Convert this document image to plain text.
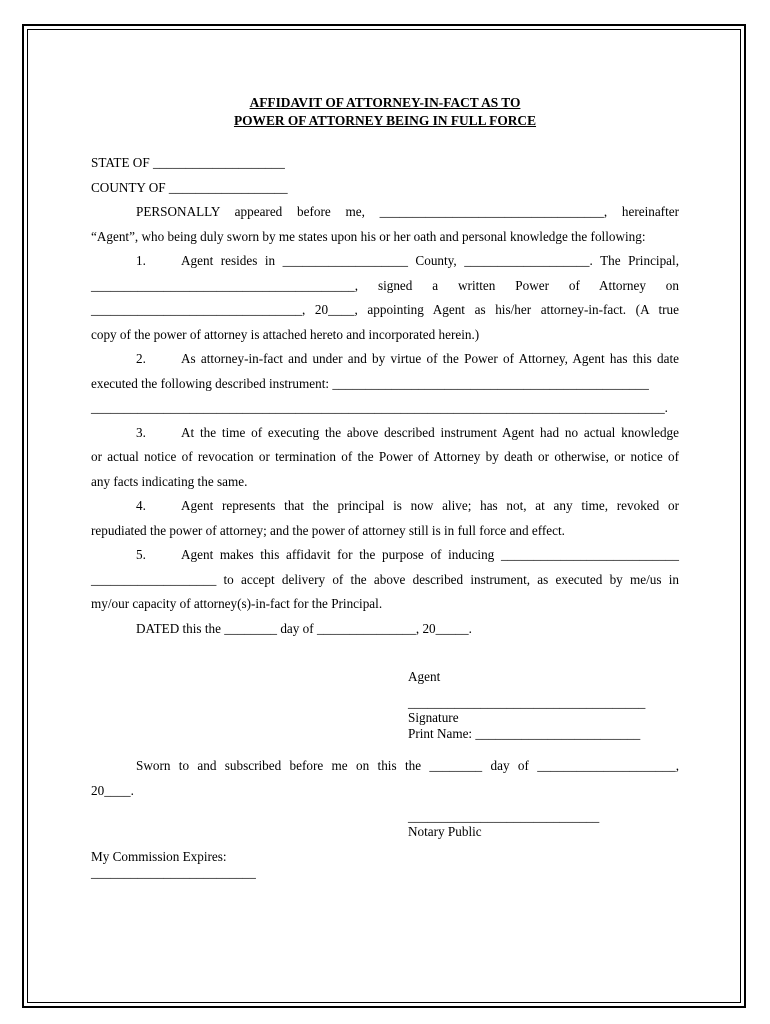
AFFIDAVIT OF ATTORNEY-IN-FACT AS TO
POWER OF ATTORNEY BEING IN FULL FORCE

STATE OF ____________________

COUNTY OF __________________

PERSONALLY appeared before me, __________________________________, hereinafter

“Agent”, who being duly sworn by me states upon his or her oath and personal knowledge the following:

1.	Agent resides in ___________________ County, ___________________. The Principal,

________________________________________, signed a written Power of Attorney on

________________________________, 20____, appointing Agent as his/her attorney-in-fact. (A true

copy of the power of attorney is attached hereto and incorporated herein.)

2.	As attorney-in-fact and under and by virtue of the Power of Attorney, Agent has this date

executed the following described instrument: ________________________________________________

_______________________________________________________________________________________.

3.	At the time of executing the above described instrument Agent had no actual knowledge

or actual notice of revocation or termination of the Power of Attorney by death or otherwise, or notice of

any facts indicating the same.

4.	Agent represents that the principal is now alive; has not, at any time, revoked or

repudiated the power of attorney; and the power of attorney still is in full force and effect.

5.	Agent makes this affidavit for the purpose of inducing ___________________________

___________________ to accept delivery of the above described instrument, as executed by me/us in

my/our capacity of attorney(s)-in-fact for the Principal.

DATED this the ________ day of _______________, 20_____.

Agent
____________________________________
Signature
Print Name: _________________________

Sworn to and subscribed before me on this the ________ day of _____________________,

20____.

_____________________________
Notary Public
My Commission Expires:
_________________________
